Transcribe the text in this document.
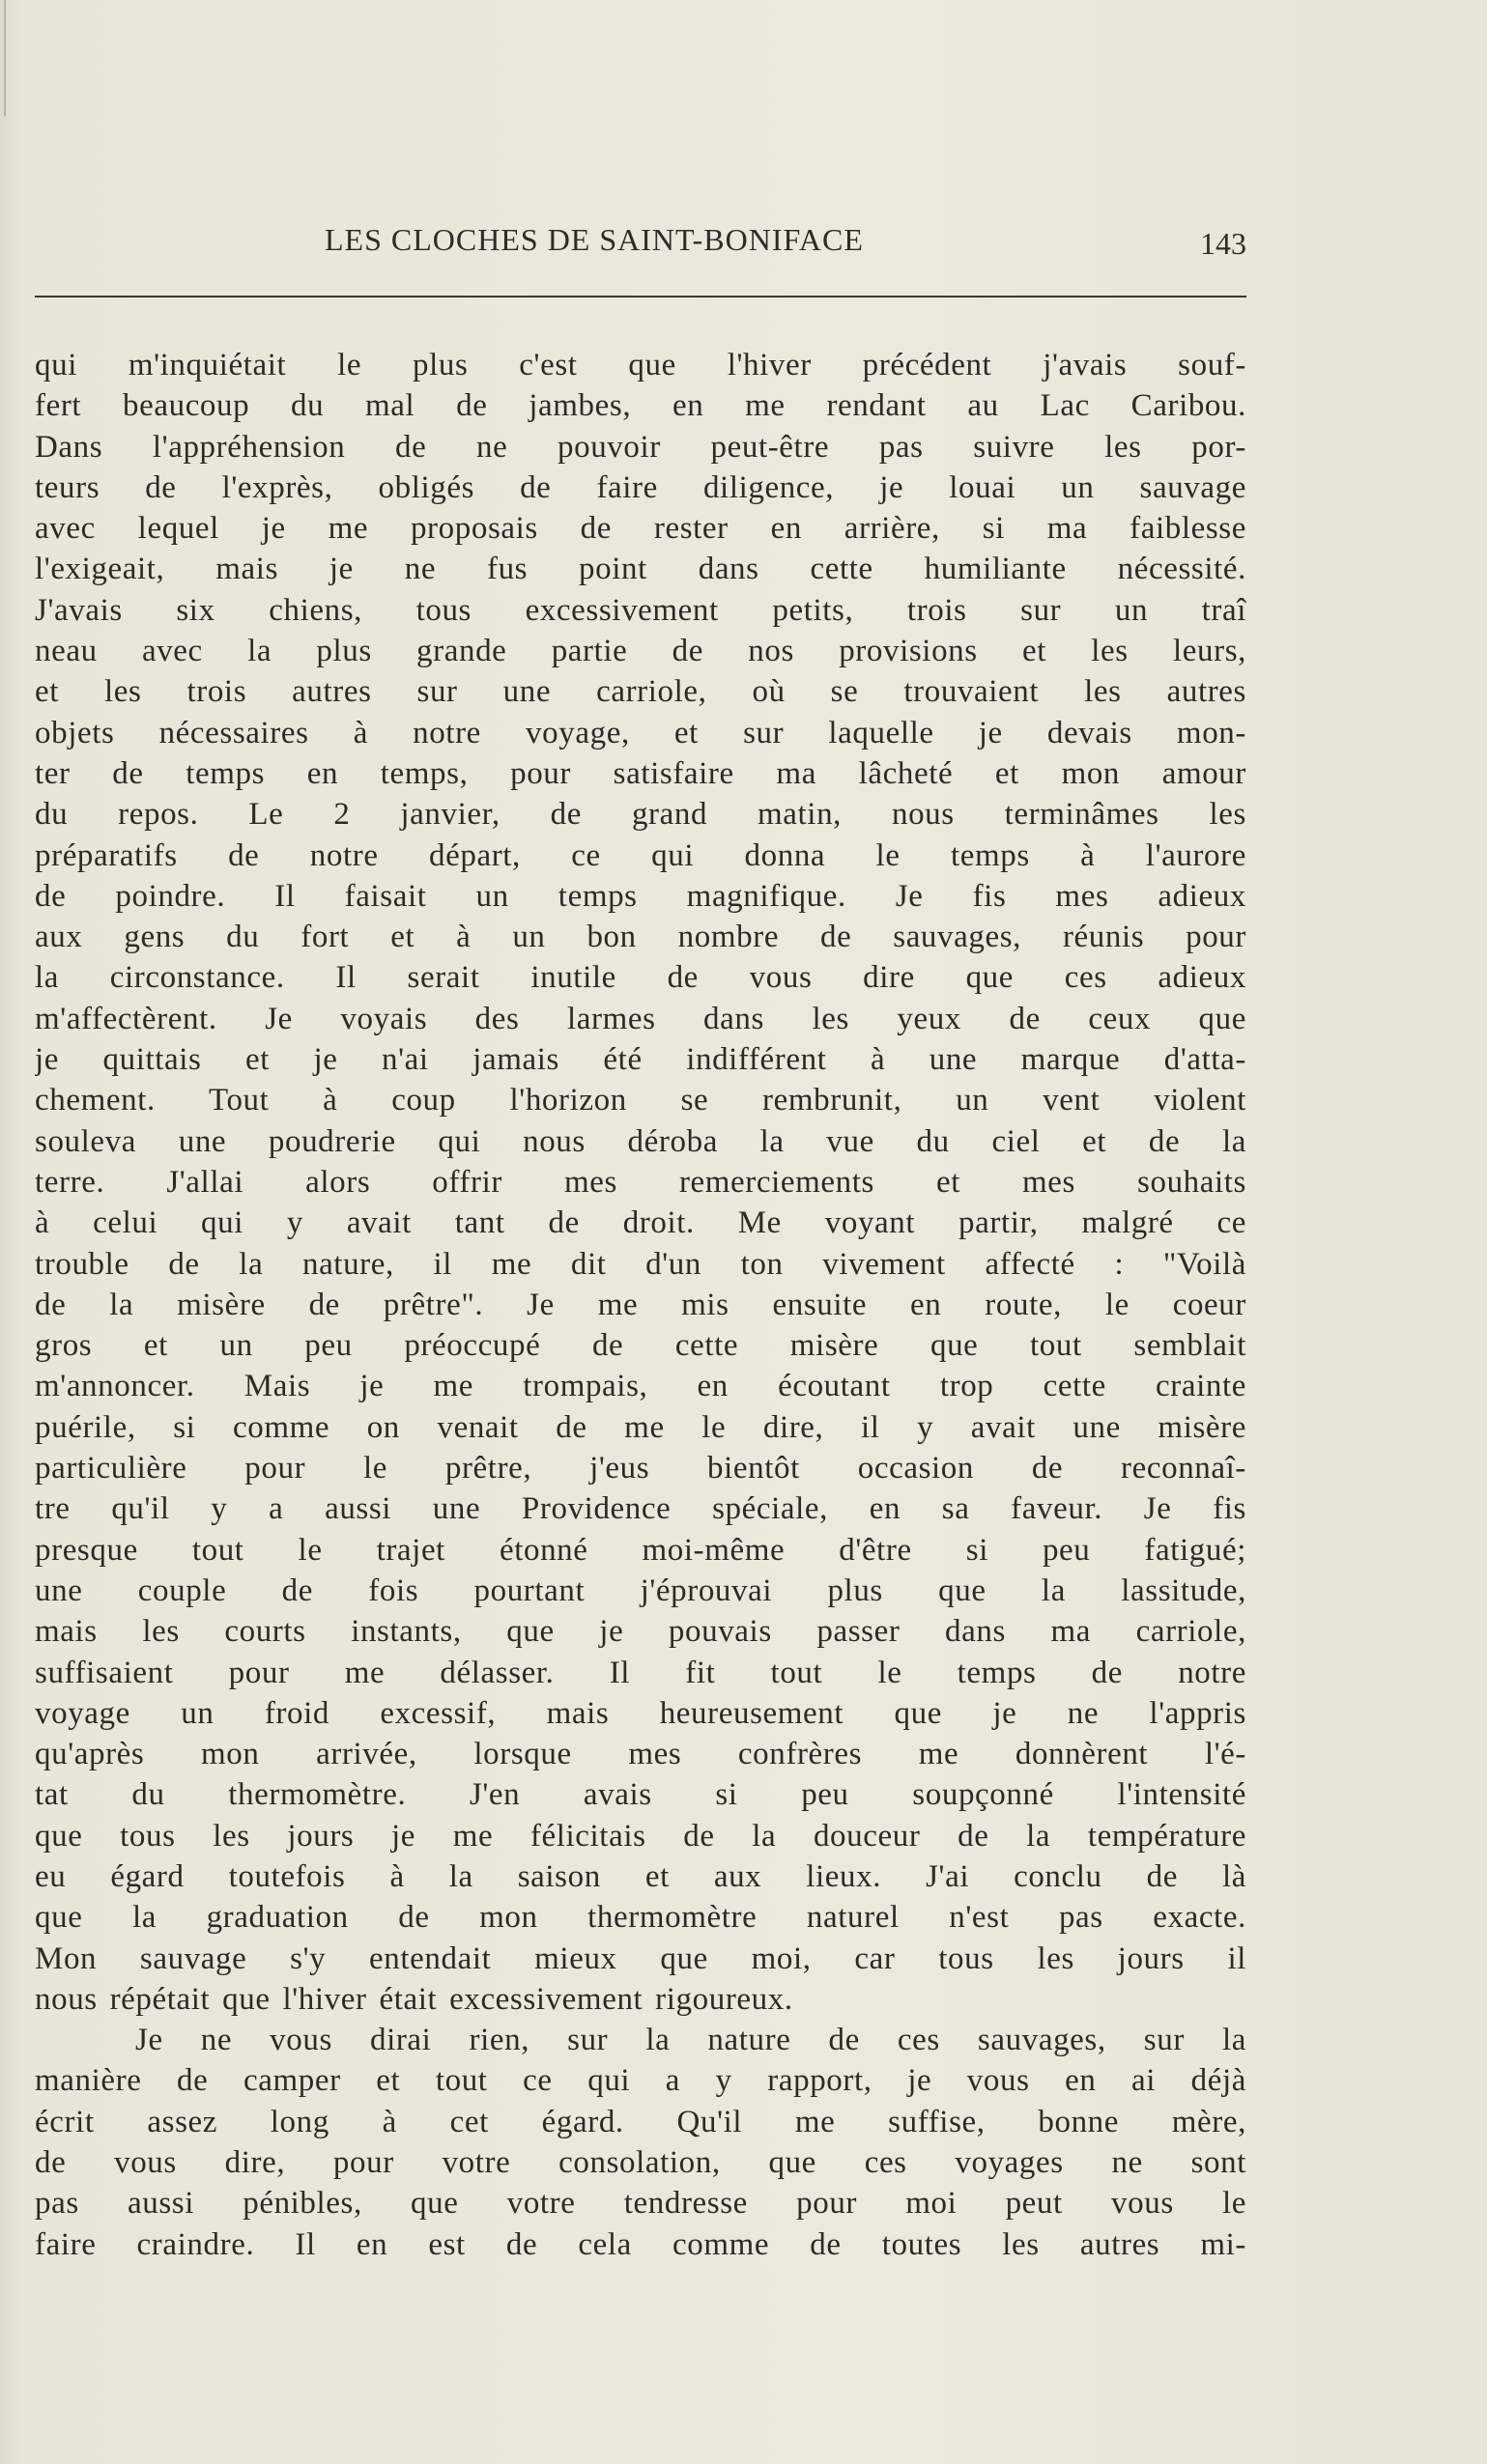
LES CLOCHES DE SAINT-BONIFACE	143
qui m'inquiétait le plus c'est que l'hiver précédent j'avais souf-
fert beaucoup du mal de jambes, en me rendant au Lac Caribou.
Dans l'appréhension de ne pouvoir peut-être pas suivre les por-
teurs de l'exprès, obligés de faire diligence, je louai un sauvage
avec lequel je me proposais de rester en arrière, si ma faiblesse
l'exigeait, mais je ne fus point dans cette humiliante nécessité.
J'avais six chiens, tous excessivement petits, trois sur un traî
neau avec la plus grande partie de nos provisions et les leurs,
et les trois autres sur une carriole, où se trouvaient les autres
objets nécessaires à notre voyage, et sur laquelle je devais mon-
ter de temps en temps, pour satisfaire ma lâcheté et mon amour
du repos. Le 2 janvier, de grand matin, nous terminâmes les
préparatifs de notre départ, ce qui donna le temps à l'aurore
de poindre. Il faisait un temps magnifique. Je fis mes adieux
aux gens du fort et à un bon nombre de sauvages, réunis pour
la circonstance. Il serait inutile de vous dire que ces adieux
m'affectèrent. Je voyais des larmes dans les yeux de ceux que
je quittais et je n'ai jamais été indifférent à une marque d'atta-
chement. Tout à coup l'horizon se rembrunit, un vent violent
souleva une poudrerie qui nous déroba la vue du ciel et de la
terre. J'allai alors offrir mes remerciements et mes souhaits
à celui qui y avait tant de droit. Me voyant partir, malgré ce
trouble de la nature, il me dit d'un ton vivement affecté : "Voilà
de la misère de prêtre". Je me mis ensuite en route, le coeur
gros et un peu préoccupé de cette misère que tout semblait
m'annoncer. Mais je me trompais, en écoutant trop cette crainte
puérile, si comme on venait de me le dire, il y avait une misère
particulière pour le prêtre, j'eus bientôt occasion de reconnaî-
tre qu'il y a aussi une Providence spéciale, en sa faveur. Je fis
presque tout le trajet étonné moi-même d'être si peu fatigué;
une couple de fois pourtant j'éprouvai plus que la lassitude,
mais les courts instants, que je pouvais passer dans ma carriole,
suffisaient pour me délasser. Il fit tout le temps de notre
voyage un froid excessif, mais heureusement que je ne l'appris
qu'après mon arrivée, lorsque mes confrères me donnèrent l'é-
tat du thermomètre. J'en avais si peu soupçonné l'intensité
que tous les jours je me félicitais de la douceur de la température
eu égard toutefois à la saison et aux lieux. J'ai conclu de là
que la graduation de mon thermomètre naturel n'est pas exacte.
Mon sauvage s'y entendait mieux que moi, car tous les jours il
nous répétait que l'hiver était excessivement rigoureux.
Je ne vous dirai rien, sur la nature de ces sauvages, sur la
manière de camper et tout ce qui a y rapport, je vous en ai déjà
écrit assez long à cet égard. Qu'il me suffise, bonne mère,
de vous dire, pour votre consolation, que ces voyages ne sont
pas aussi pénibles, que votre tendresse pour moi peut vous le
faire craindre. Il en est de cela comme de toutes les autres mi-
